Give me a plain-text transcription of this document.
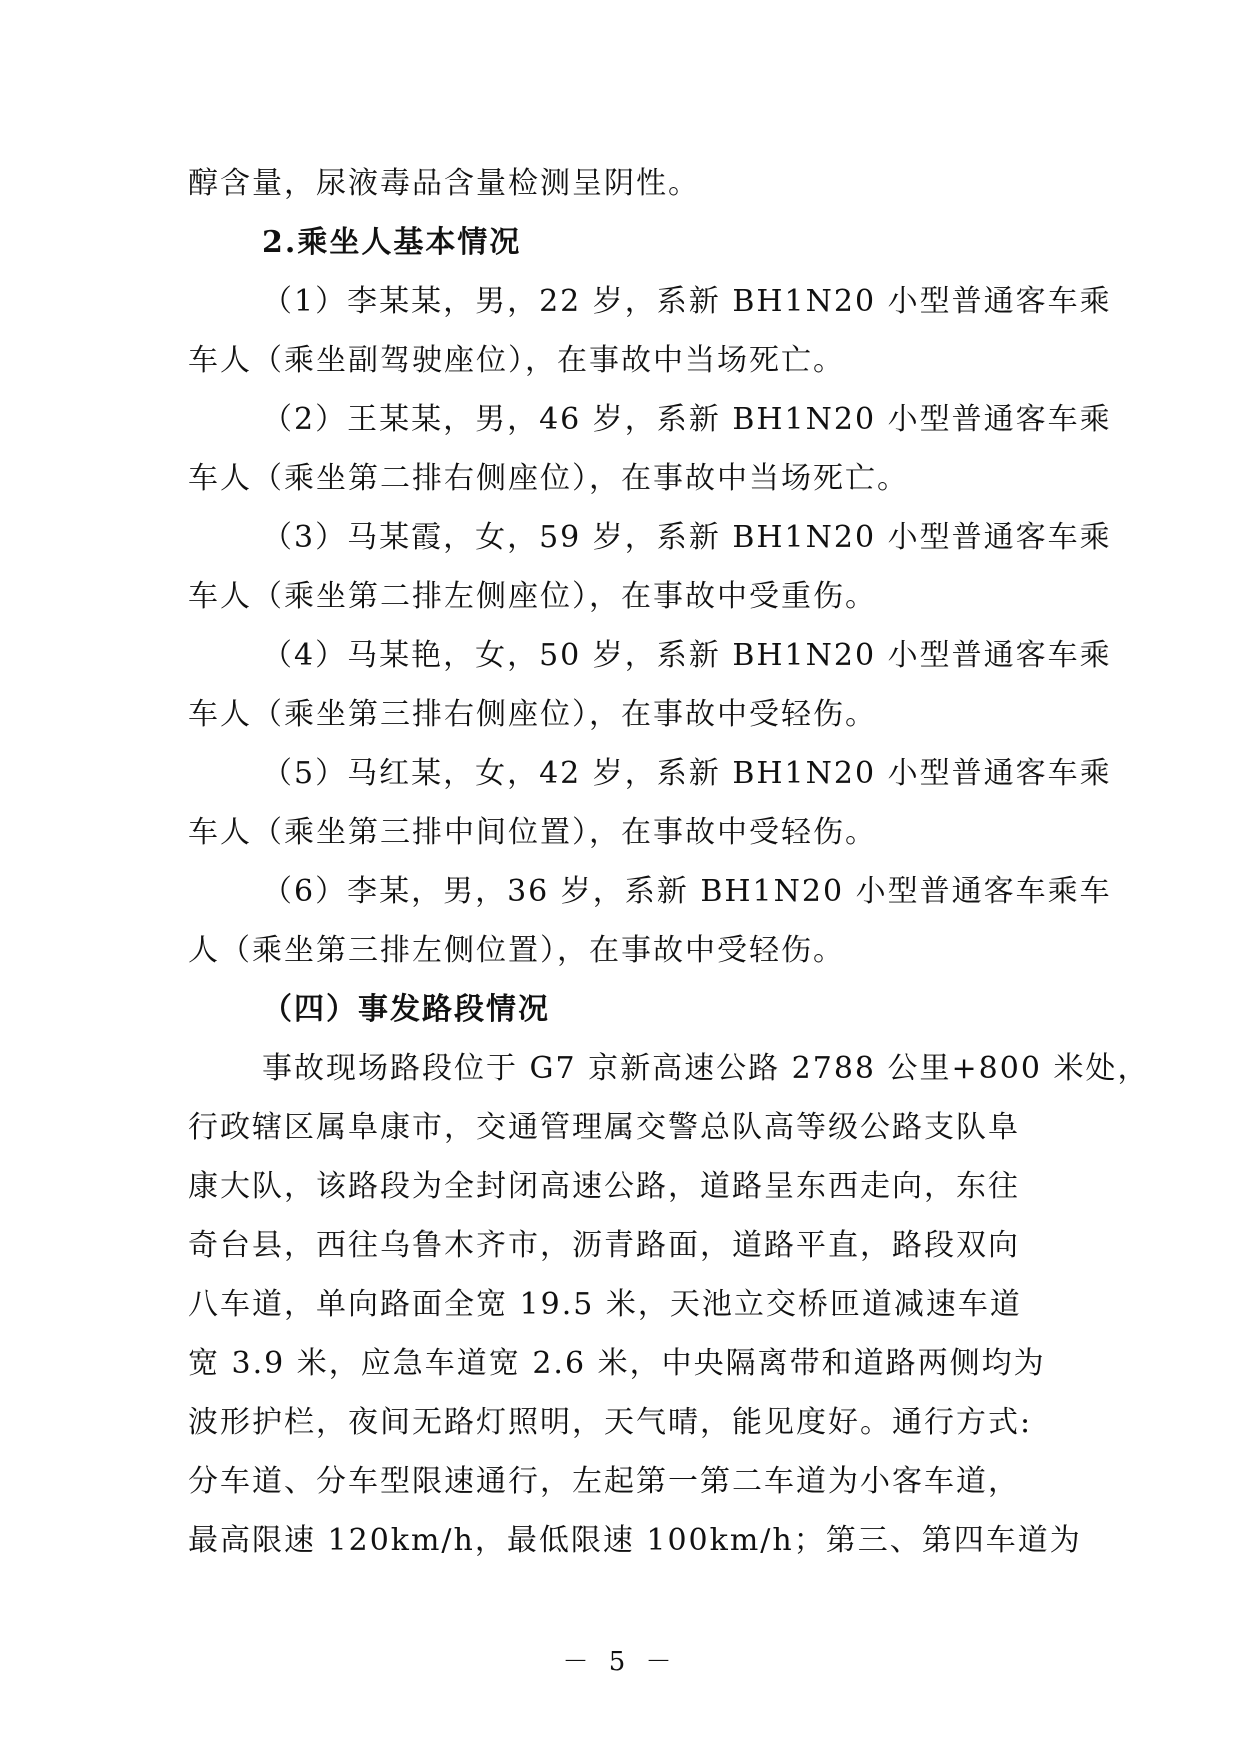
醇含量，尿液毒品含量检测呈阴性。
2.乘坐人基本情况
（1）李某某，男，22 岁，系新 BH1N20 小型普通客车乘
车人（乘坐副驾驶座位），在事故中当场死亡。
（2）王某某，男，46 岁，系新 BH1N20 小型普通客车乘
车人（乘坐第二排右侧座位），在事故中当场死亡。
（3）马某霞，女，59 岁，系新 BH1N20 小型普通客车乘
车人（乘坐第二排左侧座位），在事故中受重伤。
（4）马某艳，女，50 岁，系新 BH1N20 小型普通客车乘
车人（乘坐第三排右侧座位），在事故中受轻伤。
（5）马红某，女，42 岁，系新 BH1N20 小型普通客车乘
车人（乘坐第三排中间位置），在事故中受轻伤。
（6）李某，男，36 岁，系新 BH1N20 小型普通客车乘车
人（乘坐第三排左侧位置），在事故中受轻伤。
（四）事发路段情况
事故现场路段位于 G7 京新高速公路 2788 公里+800 米处，
行政辖区属阜康市，交通管理属交警总队高等级公路支队阜
康大队，该路段为全封闭高速公路，道路呈东西走向，东往
奇台县，西往乌鲁木齐市，沥青路面，道路平直，路段双向
八车道，单向路面全宽 19.5 米，天池立交桥匝道减速车道
宽 3.9 米，应急车道宽 2.6 米，中央隔离带和道路两侧均为
波形护栏，夜间无路灯照明，天气晴，能见度好。通行方式:
分车道、分车型限速通行，左起第一第二车道为小客车道，
最高限速 120km/h，最低限速 100km/h；第三、第四车道为
－ 5 －
